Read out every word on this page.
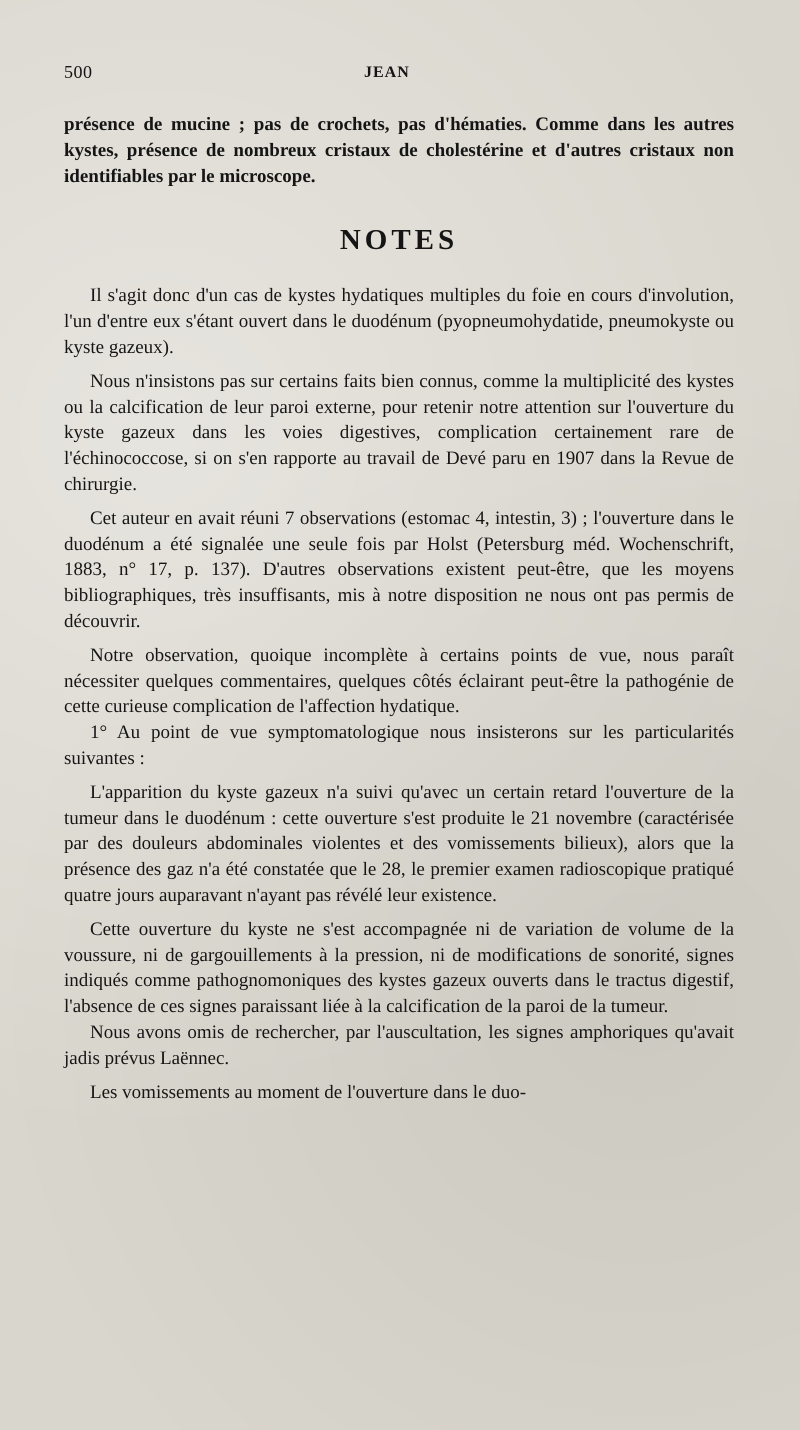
500	JEAN

présence de mucine ; pas de crochets, pas d'hématies. Comme dans les autres kystes, présence de nombreux cristaux de cholestérine et d'autres cristaux non identifiables par le microscope.

NOTES

Il s'agit donc d'un cas de kystes hydatiques multiples du foie en cours d'involution, l'un d'entre eux s'étant ouvert dans le duodénum (pyopneumohydatide, pneumokyste ou kyste gazeux).

Nous n'insistons pas sur certains faits bien connus, comme la multiplicité des kystes ou la calcification de leur paroi externe, pour retenir notre attention sur l'ouverture du kyste gazeux dans les voies digestives, complication certainement rare de l'échinococcose, si on s'en rapporte au travail de Devé paru en 1907 dans la Revue de chirurgie.

Cet auteur en avait réuni 7 observations (estomac 4, intestin, 3) ; l'ouverture dans le duodénum a été signalée une seule fois par Holst (Petersburg méd. Wochenschrift, 1883, n° 17, p. 137). D'autres observations existent peut-être, que les moyens bibliographiques, très insuffisants, mis à notre disposition ne nous ont pas permis de découvrir.

Notre observation, quoique incomplète à certains points de vue, nous paraît nécessiter quelques commentaires, quelques côtés éclairant peut-être la pathogénie de cette curieuse complication de l'affection hydatique.

1° Au point de vue symptomatologique nous insisterons sur les particularités suivantes :

L'apparition du kyste gazeux n'a suivi qu'avec un certain retard l'ouverture de la tumeur dans le duodénum : cette ouverture s'est produite le 21 novembre (caractérisée par des douleurs abdominales violentes et des vomissements bilieux), alors que la présence des gaz n'a été constatée que le 28, le premier examen radioscopique pratiqué quatre jours auparavant n'ayant pas révélé leur existence.

Cette ouverture du kyste ne s'est accompagnée ni de variation de volume de la voussure, ni de gargouillements à la pression, ni de modifications de sonorité, signes indiqués comme pathognomoniques des kystes gazeux ouverts dans le tractus digestif, l'absence de ces signes paraissant liée à la calcification de la paroi de la tumeur.

Nous avons omis de rechercher, par l'auscultation, les signes amphoriques qu'avait jadis prévus Laënnec.

Les vomissements au moment de l'ouverture dans le duo-
